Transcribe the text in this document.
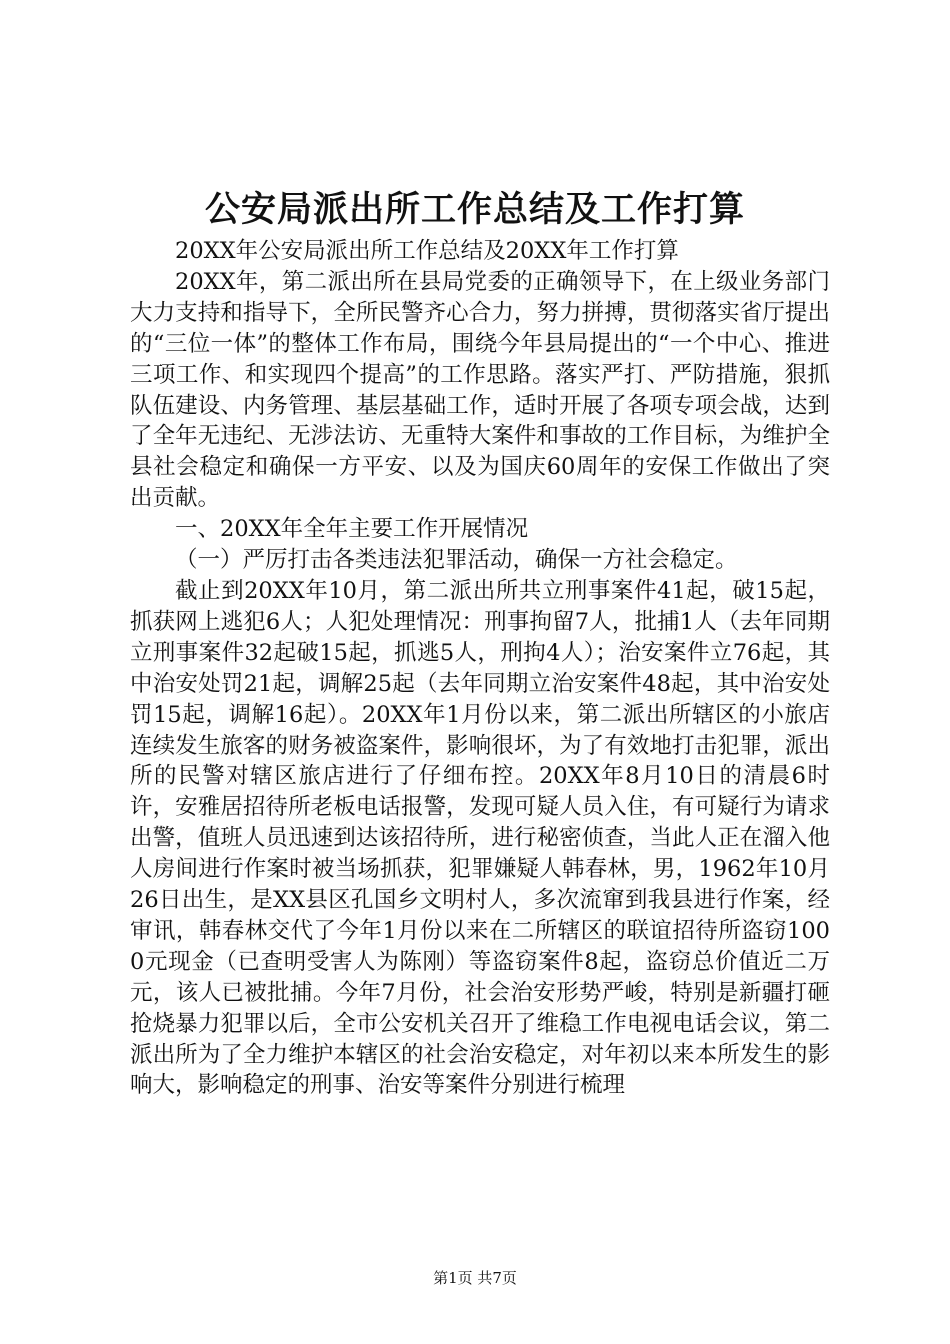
公安局派出所工作总结及工作打算

20XX年公安局派出所工作总结及20XX年工作打算

20XX年，第二派出所在县局党委的正确领导下，在上级业务部门大力支持和指导下，全所民警齐心合力，努力拼搏，贯彻落实省厅提出的“三位一体”的整体工作布局，围绕今年县局提出的“一个中心、推进三项工作、和实现四个提高”的工作思路。落实严打、严防措施，狠抓队伍建设、内务管理、基层基础工作，适时开展了各项专项会战，达到了全年无违纪、无涉法访、无重特大案件和事故的工作目标，为维护全县社会稳定和确保一方平安、以及为国庆60周年的安保工作做出了突出贡献。

一、20XX年全年主要工作开展情况

（一）严厉打击各类违法犯罪活动，确保一方社会稳定。

截止到20XX年10月，第二派出所共立刑事案件41起，破15起，抓获网上逃犯6人；人犯处理情况：刑事拘留7人，批捕1人（去年同期立刑事案件32起破15起，抓逃5人，刑拘4人）；治安案件立76起，其中治安处罚21起，调解25起（去年同期立治安案件48起，其中治安处罚15起，调解16起）。20XX年1月份以来，第二派出所辖区的小旅店连续发生旅客的财务被盗案件，影响很坏，为了有效地打击犯罪，派出所的民警对辖区旅店进行了仔细布控。20XX年8月10日的清晨6时许，安雅居招待所老板电话报警，发现可疑人员入住，有可疑行为请求出警，值班人员迅速到达该招待所，进行秘密侦查，当此人正在溜入他人房间进行作案时被当场抓获，犯罪嫌疑人韩春林，男，1962年10月26日出生，是XX县区孔国乡文明村人，多次流窜到我县进行作案，经审讯，韩春林交代了今年1月份以来在二所辖区的联谊招待所盗窃1000元现金（已查明受害人为陈刚）等盗窃案件8起，盗窃总价值近二万元，该人已被批捕。今年7月份，社会治安形势严峻，特别是新疆打砸抢烧暴力犯罪以后，全市公安机关召开了维稳工作电视电话会议，第二派出所为了全力维护本辖区的社会治安稳定，对年初以来本所发生的影响大，影响稳定的刑事、治安等案件分别进行梳理

第1页 共7页
